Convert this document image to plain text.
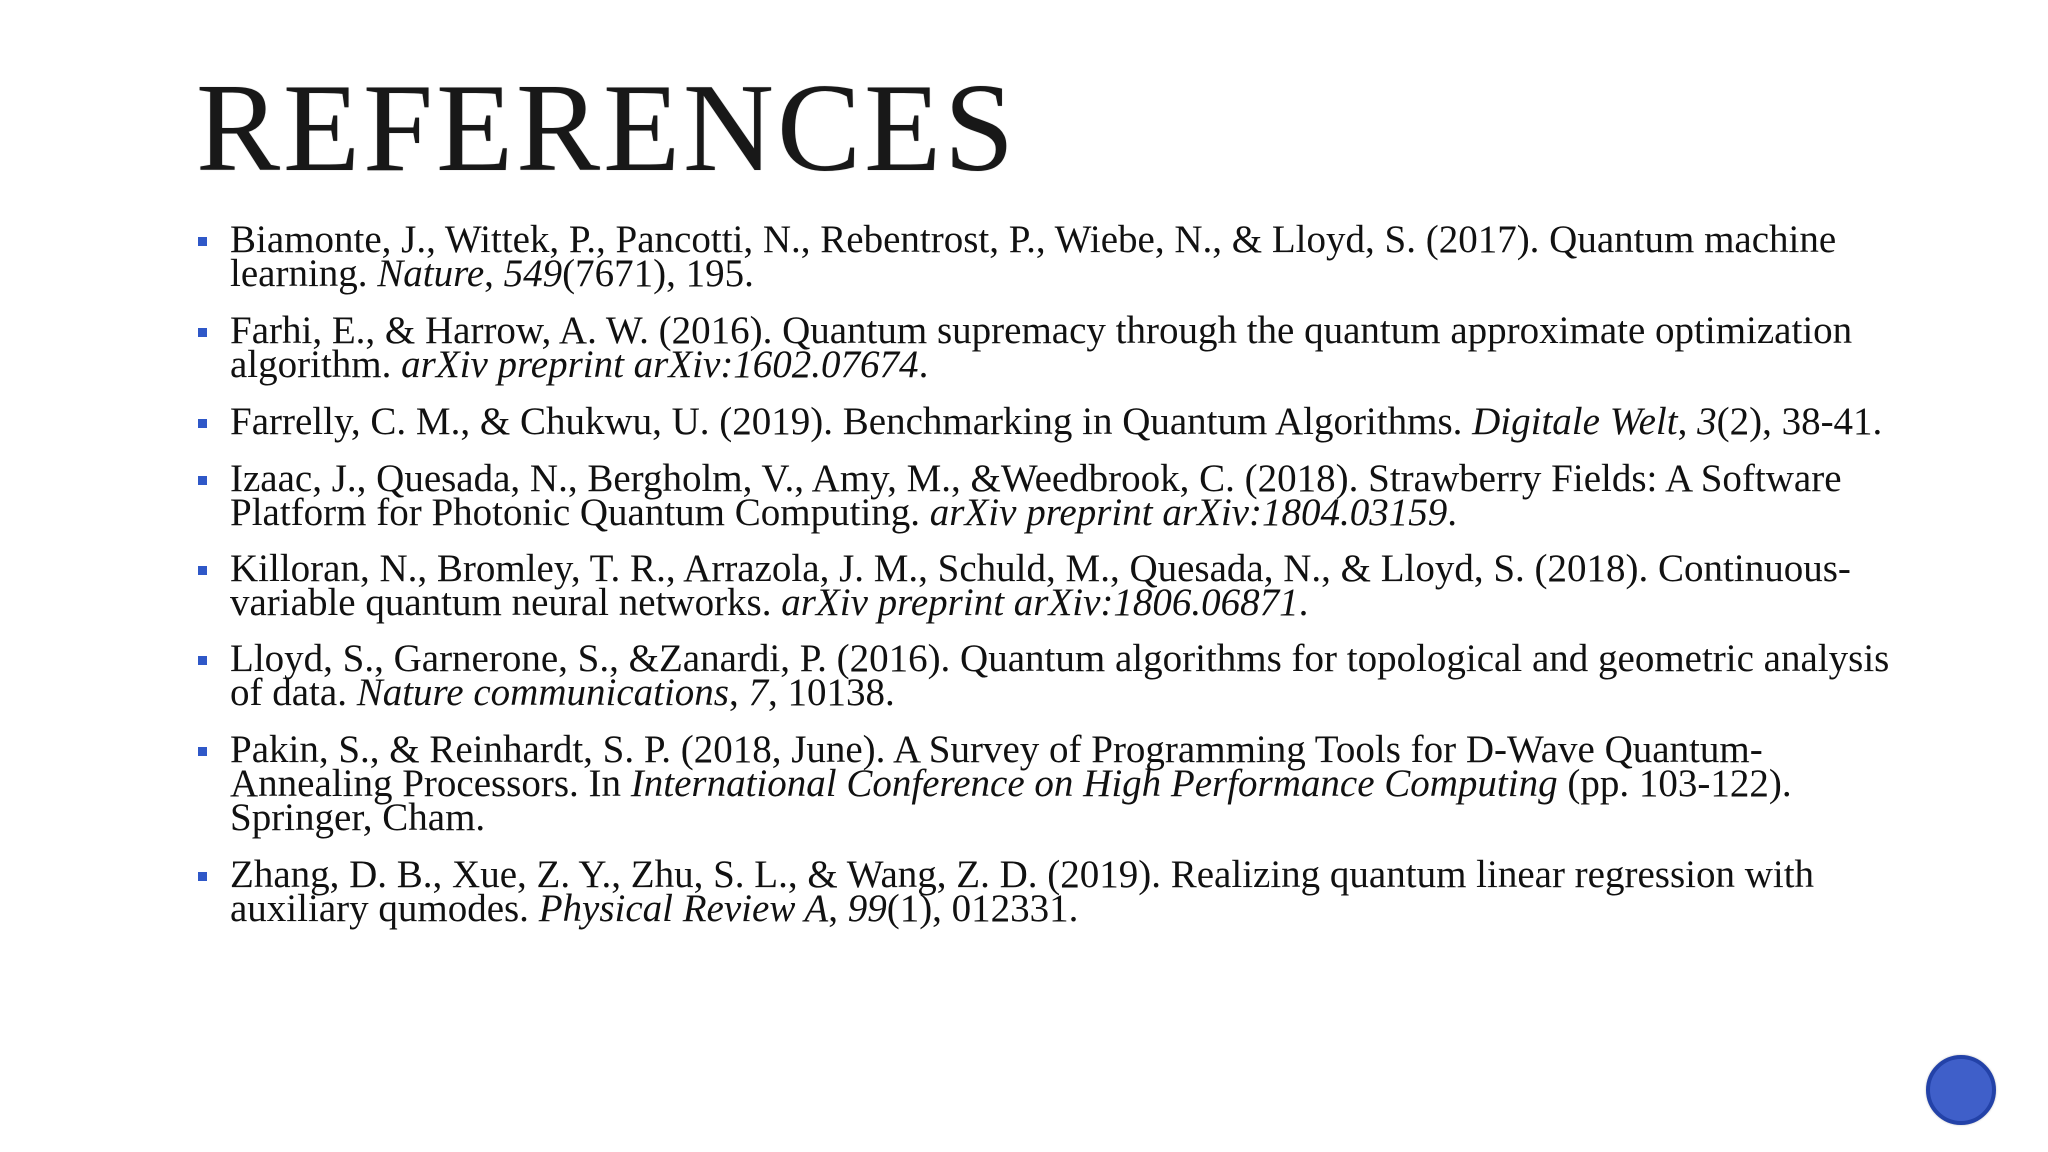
REFERENCES
Biamonte, J., Wittek, P., Pancotti, N., Rebentrost, P., Wiebe, N., & Lloyd, S. (2017). Quantum machine learning. Nature, 549(7671), 195.
Farhi, E., & Harrow, A. W. (2016). Quantum supremacy through the quantum approximate optimization algorithm. arXiv preprint arXiv:1602.07674.
Farrelly, C. M., & Chukwu, U. (2019). Benchmarking in Quantum Algorithms. Digitale Welt, 3(2), 38-41.
Izaac, J., Quesada, N., Bergholm, V., Amy, M., &Weedbrook, C. (2018). Strawberry Fields: A Software Platform for Photonic Quantum Computing. arXiv preprint arXiv:1804.03159.
Killoran, N., Bromley, T. R., Arrazola, J. M., Schuld, M., Quesada, N., & Lloyd, S. (2018). Continuous-variable quantum neural networks. arXiv preprint arXiv:1806.06871.
Lloyd, S., Garnerone, S., &Zanardi, P. (2016). Quantum algorithms for topological and geometric analysis of data. Nature communications, 7, 10138.
Pakin, S., & Reinhardt, S. P. (2018, June). A Survey of Programming Tools for D-Wave Quantum-Annealing Processors. In International Conference on High Performance Computing (pp. 103-122). Springer, Cham.
Zhang, D. B., Xue, Z. Y., Zhu, S. L., & Wang, Z. D. (2019). Realizing quantum linear regression with auxiliary qumodes. Physical Review A, 99(1), 012331.
